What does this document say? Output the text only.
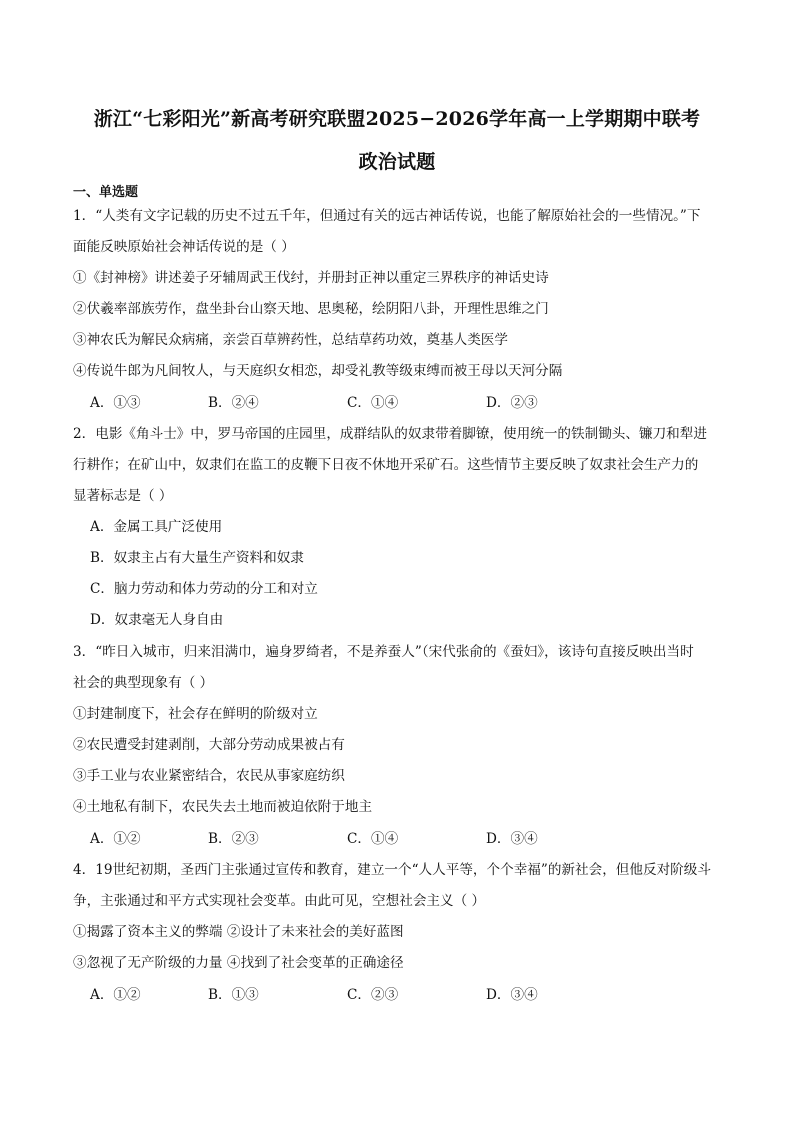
浙江“七彩阳光”新高考研究联盟2025−2026学年高一上学期期中联考
政治试题
一、单选题
1．“人类有文字记载的历史不过五千年，但通过有关的远古神话传说，也能了解原始社会的一些情况。”下
面能反映原始社会神话传说的是（ ）
①《封神榜》讲述姜子牙辅周武王伐纣，并册封正神以重定三界秩序的神话史诗
②伏羲率部族劳作，盘坐卦台山察天地、思奥秘，绘阴阳八卦，开理性思维之门
③神农氏为解民众病痛，亲尝百草辨药性，总结草药功效，奠基人类医学
④传说牛郎为凡间牧人，与天庭织女相恋，却受礼教等级束缚而被王母以天河分隔
A．①③	B．②④	C．①④	D．②③
2．电影《角斗士》中，罗马帝国的庄园里，成群结队的奴隶带着脚镣，使用统一的铁制锄头、镰刀和犁进
行耕作；在矿山中，奴隶们在监工的皮鞭下日夜不休地开采矿石。这些情节主要反映了奴隶社会生产力的
显著标志是（ ）
A．金属工具广泛使用
B．奴隶主占有大量生产资料和奴隶
C．脑力劳动和体力劳动的分工和对立
D．奴隶毫无人身自由
3．“昨日入城市，归来泪满巾，遍身罗绮者，不是养蚕人”（宋代张俞的《蚕妇》，该诗句直接反映出当时
社会的典型现象有（ ）
①封建制度下，社会存在鲜明的阶级对立
②农民遭受封建剥削，大部分劳动成果被占有
③手工业与农业紧密结合，农民从事家庭纺织
④土地私有制下，农民失去土地而被迫依附于地主
A．①②	B．②③	C．①④	D．③④
4．19世纪初期，圣西门主张通过宣传和教育，建立一个“人人平等，个个幸福”的新社会，但他反对阶级斗
争，主张通过和平方式实现社会变革。由此可见，空想社会主义（ ）
①揭露了资本主义的弊端 ②设计了未来社会的美好蓝图
③忽视了无产阶级的力量 ④找到了社会变革的正确途径
A．①②	B．①③	C．②③	D．③④
